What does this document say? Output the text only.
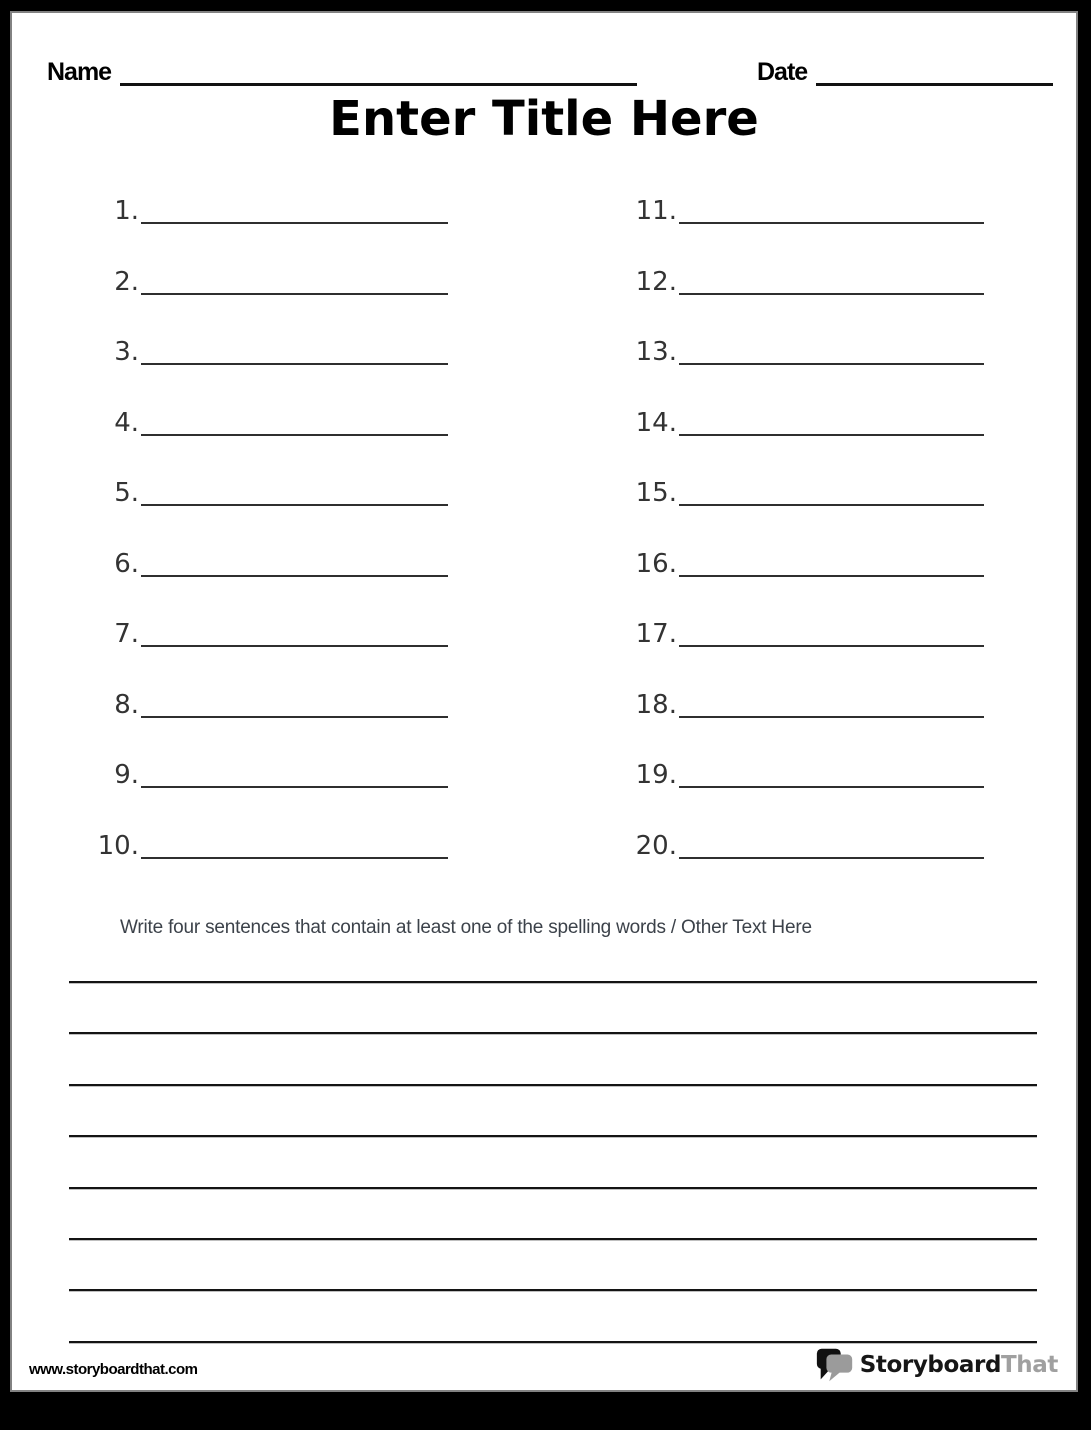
Name	Date
Enter Title Here
1.
2.
3.
4.
5.
6.
7.
8.
9.
10.
11.
12.
13.
14.
15.
16.
17.
18.
19.
20.
Write four sentences that contain at least one of the spelling words / Other Text Here
www.storyboardthat.com	Storyboard That
